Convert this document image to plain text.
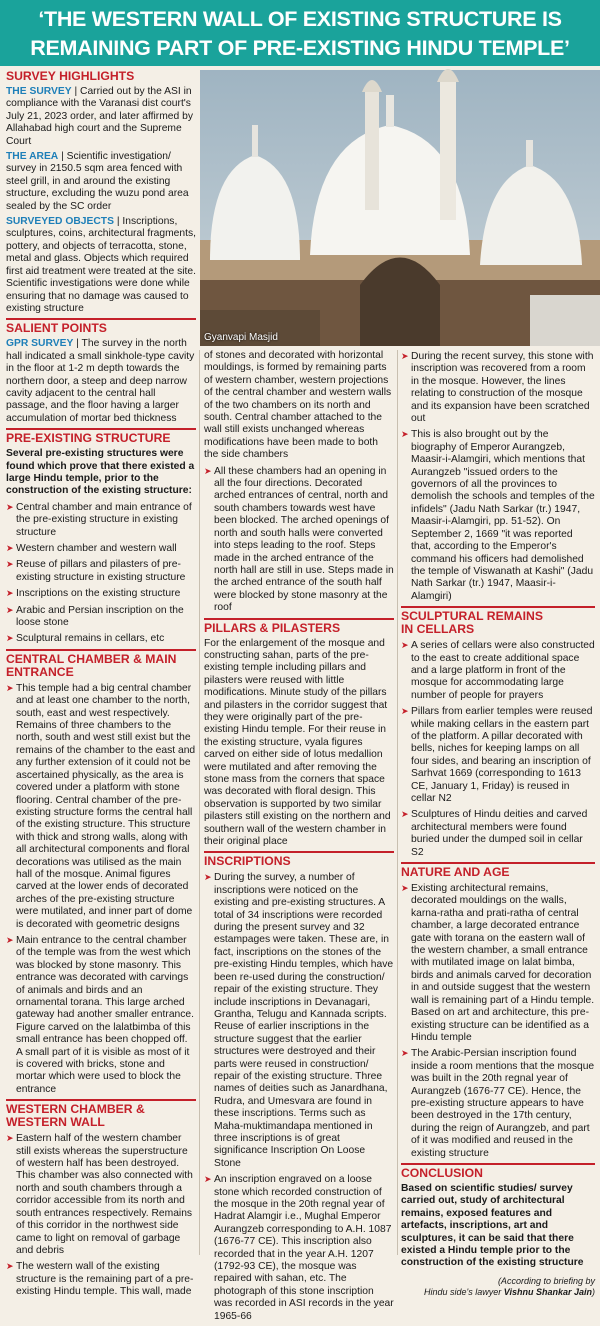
‘THE WESTERN WALL OF EXISTING STRUCTURE IS
REMAINING PART OF PRE-EXISTING HINDU TEMPLE’
Gyanvapi Masjid
SURVEY HIGHLIGHTS
THE SURVEY | Carried out by the ASI in compliance with the Varanasi dist court's July 21, 2023 order, and later affirmed by Allahabad high court and the Supreme Court
THE AREA | Scientific investigation/ survey in 2150.5 sqm area fenced with steel grill, in and around the existing structure, excluding the wuzu pond area sealed by the SC order
SURVEYED OBJECTS | Inscriptions, sculptures, coins, architectural fragments, pottery, and objects of terracotta, stone, metal and glass. Objects which required first aid treatment were treated at the site. Scientific investigations were done while ensuring that no damage was caused to existing structure
SALIENT POINTS
GPR SURVEY | The survey in the north hall indicated a small sinkhole-type cavity in the floor at 1-2 m depth towards the northern door, a steep and deep narrow cavity adjacent to the central hall passage, and the floor having a larger accumulation of mortar bed thickness
PRE-EXISTING STRUCTURE
Several pre-existing structures were found which prove that there existed a large Hindu temple, prior to the construction of the existing structure:
➤ Central chamber and main entrance of the pre-existing structure in existing structure
➤ Western chamber and western wall
➤ Reuse of pillars and pilasters of pre-existing structure in existing structure
➤ Inscriptions on the existing structure
➤ Arabic and Persian inscription on the loose stone
➤ Sculptural remains in cellars, etc
CENTRAL CHAMBER & MAIN ENTRANCE
➤ This temple had a big central chamber and at least one chamber to the north, south, east and west respectively. Remains of three chambers to the north, south and west still exist but the remains of the chamber to the east and any further extension of it could not be ascertained physically, as the area is covered under a platform with stone flooring. Central chamber of the pre-existing structure forms the central hall of the existing structure. This structure with thick and strong walls, along with all architectural components and floral decorations was utilised as the main hall of the mosque. Animal figures carved at the lower ends of decorated arches of the pre-existing structure were mutilated, and inner part of dome is decorated with geometric designs
➤ Main entrance to the central chamber of the temple was from the west which was blocked by stone masonry. This entrance was decorated with carvings of animals and birds and an ornamental torana. This large arched gateway had another smaller entrance. Figure carved on the lalatbimba of this small entrance has been chopped off. A small part of it is visible as most of it is covered with bricks, stone and mortar which were used to block the entrance
WESTERN CHAMBER & WESTERN WALL
➤ Eastern half of the western chamber still exists whereas the superstructure of western half has been destroyed. This chamber was also connected with north and south chambers through a corridor accessible from its north and south entrances respectively. Remains of this corridor in the northwest side came to light on removal of garbage and debris
➤ The western wall of the existing structure is the remaining part of a pre-existing Hindu temple. This wall, made
of stones and decorated with horizontal mouldings, is formed by remaining parts of western chamber, western projections of the central chamber and western walls of the two chambers on its north and south. Central chamber attached to the wall still exists unchanged whereas modifications have been made to both the side chambers
➤ All these chambers had an opening in all the four directions. Decorated arched entrances of central, north and south chambers towards west have been blocked. The arched openings of north and south halls were converted into steps leading to the roof. Steps made in the arched entrance of the north hall are still in use. Steps made in the arched entrance of the south half were blocked by stone masonry at the roof
PILLARS & PILASTERS
For the enlargement of the mosque and constructing sahan, parts of the pre-existing temple including pillars and pilasters were reused with little modifications. Minute study of the pillars and pilasters in the corridor suggest that they were originally part of the pre-existing Hindu temple. For their reuse in the existing structure, vyala figures carved on either side of lotus medallion were mutilated and after removing the stone mass from the corners that space was decorated with floral design. This observation is supported by two similar pilasters still existing on the northern and southern wall of the western chamber in their original place
INSCRIPTIONS
➤ During the survey, a number of inscriptions were noticed on the existing and pre-existing structures. A total of 34 inscriptions were recorded during the present survey and 32 estampages were taken. These are, in fact, inscriptions on the stones of the pre-existing Hindu temples, which have been re-used during the construction/ repair of the existing structure. They include inscriptions in Devanagari, Grantha, Telugu and Kannada scripts. Reuse of earlier inscriptions in the structure suggest that the earlier structures were destroyed and their parts were reused in construction/ repair of the existing structure. Three names of deities such as Janardhana, Rudra, and Umesvara are found in these inscriptions. Terms such as Maha-muktimandapa mentioned in three inscriptions is of great significance Inscription On Loose Stone
➤ An inscription engraved on a loose stone which recorded construction of the mosque in the 20th regnal year of Hadrat Alamgir i.e., Mughal Emperor Aurangzeb corresponding to A.H. 1087 (1676-77 CE). This inscription also recorded that in the year A.H. 1207 (1792-93 CE), the mosque was repaired with sahan, etc. The photograph of this stone inscription was recorded in ASI records in the year 1965-66
➤ During the recent survey, this stone with inscription was recovered from a room in the mosque. However, the lines relating to construction of the mosque and its expansion have been scratched out
➤ This is also brought out by the biography of Emperor Aurangzeb, Maasir-i-Alamgiri, which mentions that Aurangzeb "issued orders to the governors of all the provinces to demolish the schools and temples of the infidels" (Jadu Nath Sarkar (tr.) 1947, Maasir-i-Alamgiri, pp. 51-52). On September 2, 1669 "it was reported that, according to the Emperor's command his officers had demolished the temple of Viswanath at Kashi" (Jadu Nath Sarkar (tr.) 1947, Maasir-i-Alamgiri)
SCULPTURAL REMAINS
IN CELLARS
➤ A series of cellars were also constructed to the east to create additional space and a large platform in front of the mosque for accommodating large number of people for prayers
➤ Pillars from earlier temples were reused while making cellars in the eastern part of the platform. A pillar decorated with bells, niches for keeping lamps on all four sides, and bearing an inscription of Sarhvat 1669 (corresponding to 1613 CE, January 1, Friday) is reused in cellar N2
➤ Sculptures of Hindu deities and carved architectural members were found buried under the dumped soil in cellar S2
NATURE AND AGE
➤ Existing architectural remains, decorated mouldings on the walls, karna-ratha and prati-ratha of central chamber, a large decorated entrance gate with torana on the eastern wall of the western chamber, a small entrance with mutilated image on lalat bimba, birds and animals carved for decoration in and outside suggest that the western wall is remaining part of a Hindu temple. Based on art and architecture, this pre-existing structure can be identified as a Hindu temple
➤ The Arabic-Persian inscription found inside a room mentions that the mosque was built in the 20th regnal year of Aurangzeb (1676-77 CE). Hence, the pre-existing structure appears to have been destroyed in the 17th century, during the reign of Aurangzeb, and part of it was modified and reused in the existing structure
CONCLUSION
Based on scientific studies/ survey carried out, study of architectural remains, exposed features and artefacts, inscriptions, art and sculptures, it can be said that there existed a Hindu temple prior to the construction of the existing structure
(According to briefing by
Hindu side's lawyer Vishnu Shankar Jain)
